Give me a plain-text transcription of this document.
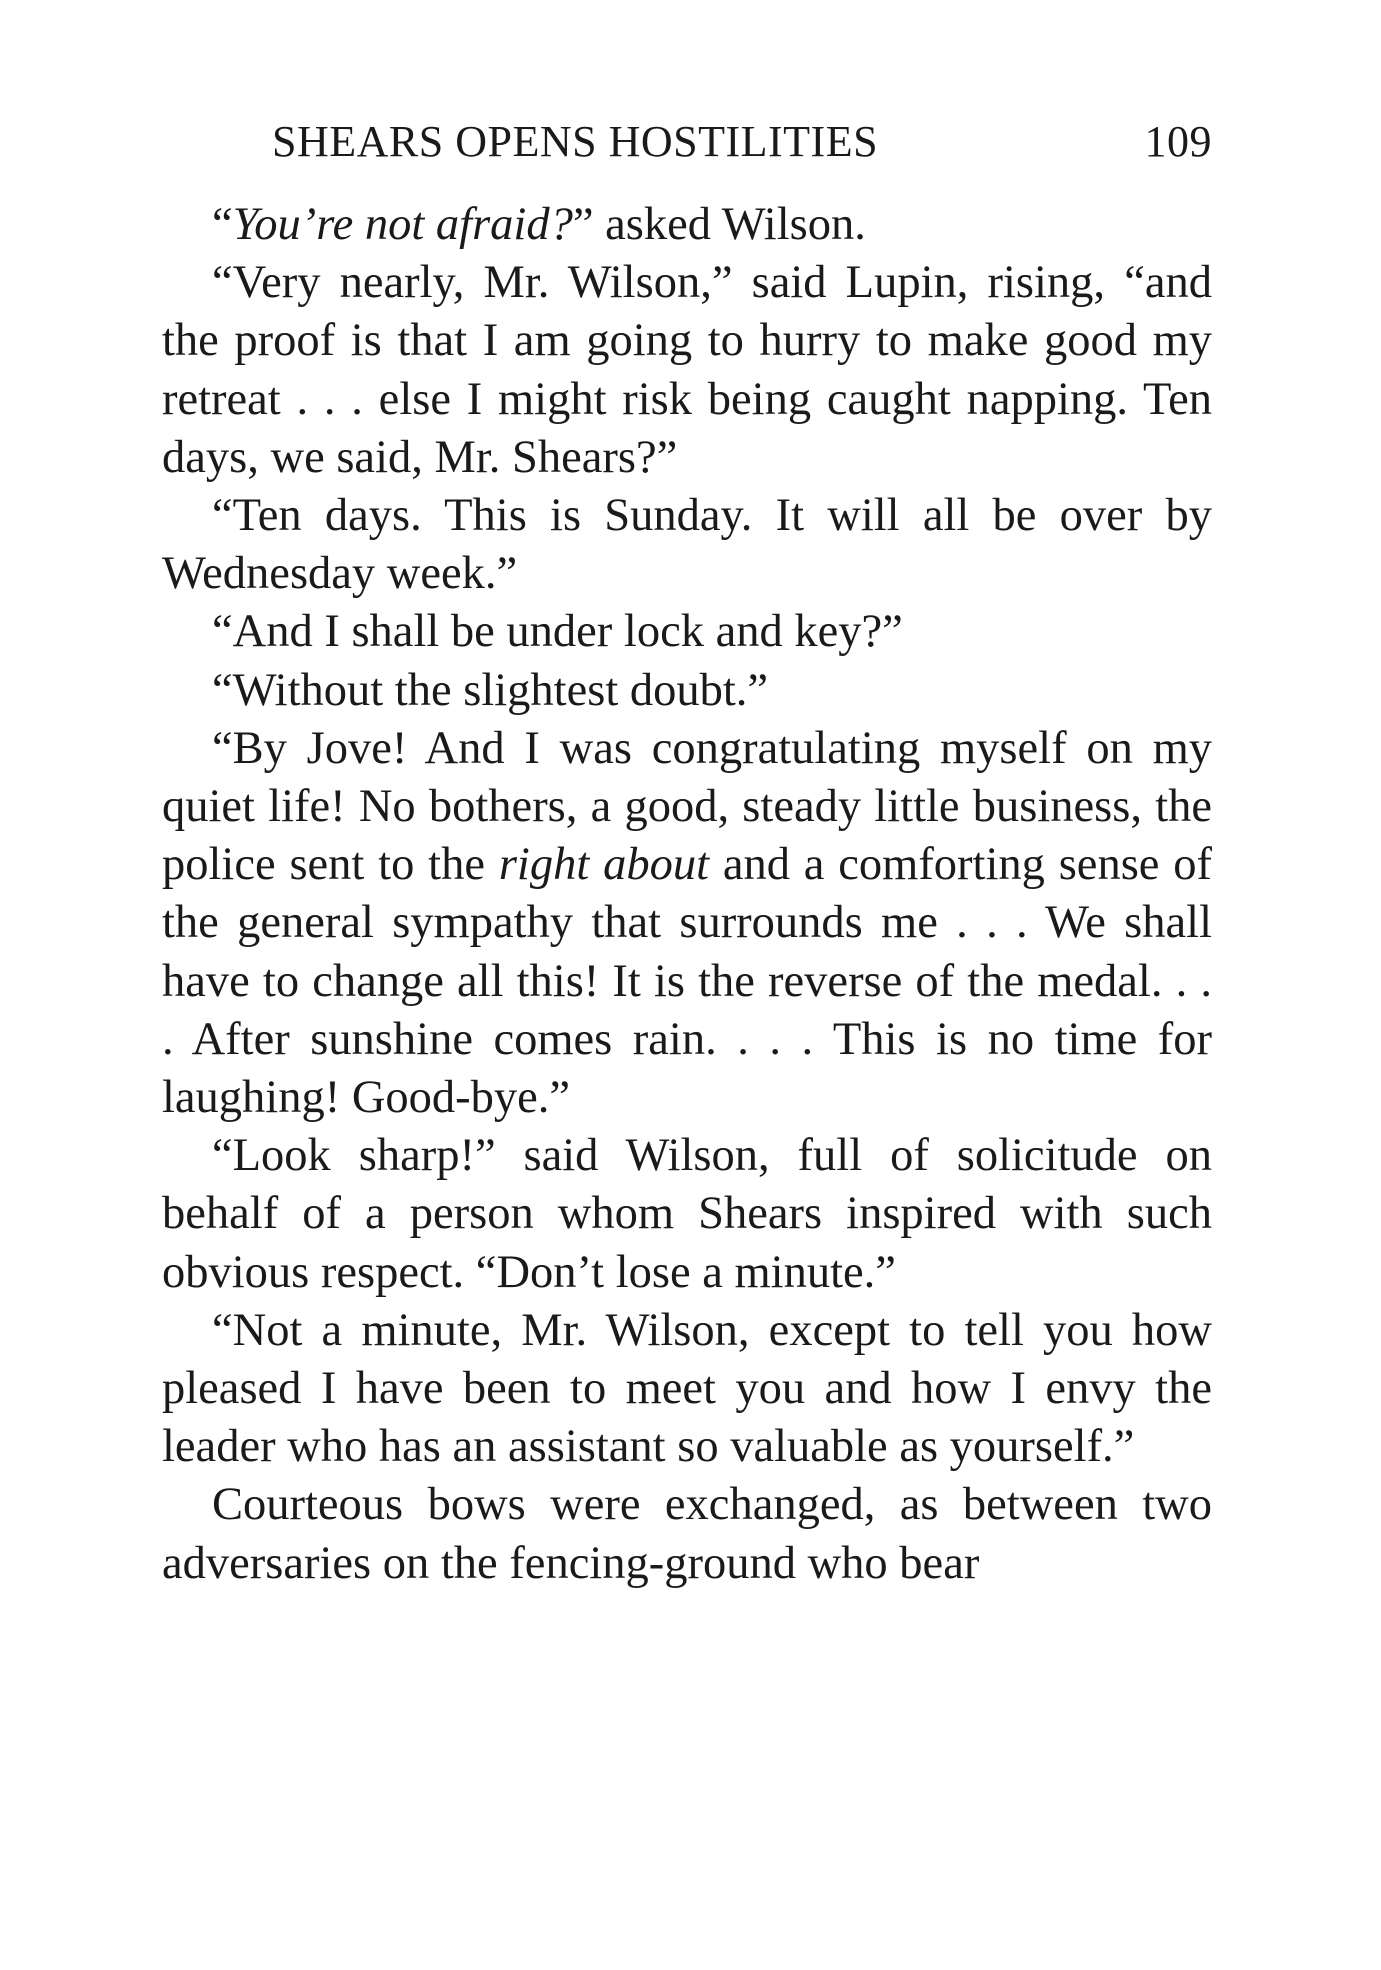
SHEARS OPENS HOSTILITIES	109

“You’re not afraid?” asked Wilson.

“Very nearly, Mr. Wilson,” said Lupin, rising, “and the proof is that I am going to hurry to make good my retreat . . . else I might risk being caught napping. Ten days, we said, Mr. Shears?”

“Ten days. This is Sunday. It will all be over by Wednesday week.”

“And I shall be under lock and key?”

“Without the slightest doubt.”

“By Jove! And I was congratulating myself on my quiet life! No bothers, a good, steady little business, the police sent to the right about and a comforting sense of the general sympathy that surrounds me . . . We shall have to change all this! It is the reverse of the medal. . . . After sunshine comes rain. . . . This is no time for laughing! Good-bye.”

“Look sharp!” said Wilson, full of solicitude on behalf of a person whom Shears inspired with such obvious respect. “Don’t lose a minute.”

“Not a minute, Mr. Wilson, except to tell you how pleased I have been to meet you and how I envy the leader who has an assistant so valuable as yourself.”

Courteous bows were exchanged, as between two adversaries on the fencing-ground who bear
